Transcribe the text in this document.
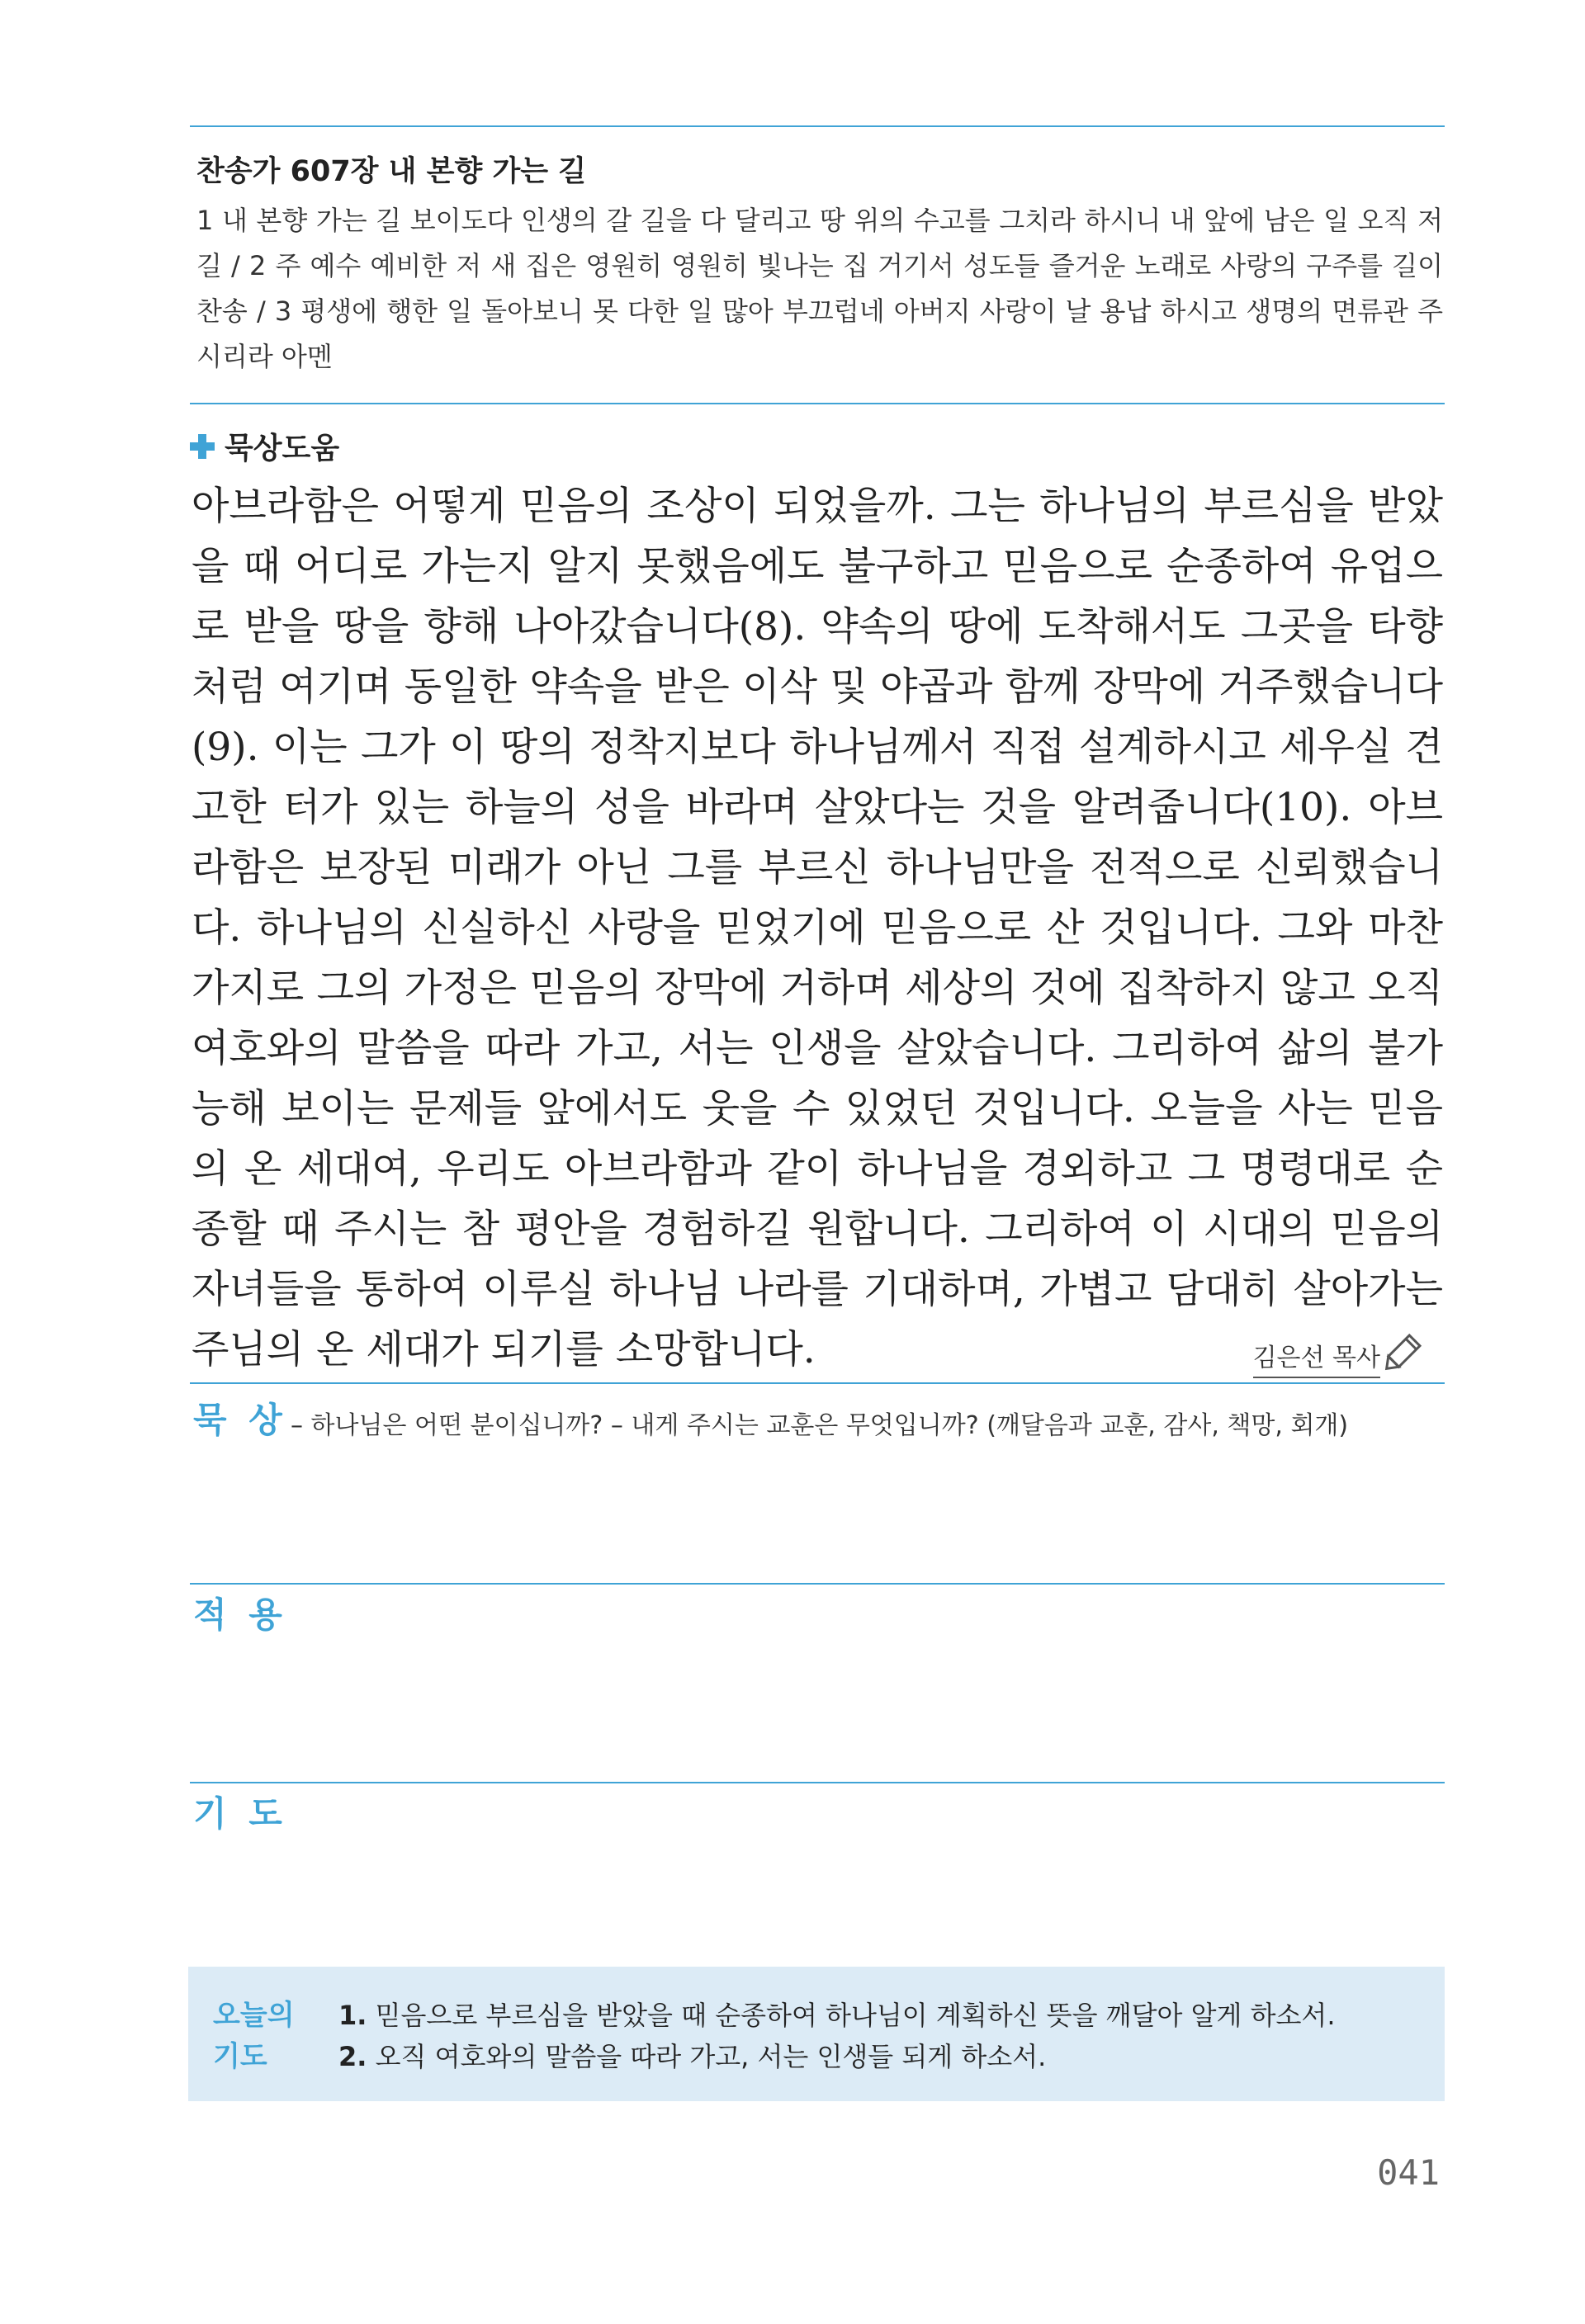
찬송가 607장 내 본향 가는 길

1 내 본향 가는 길 보이도다 인생의 갈 길을 다 달리고 땅 위의 수고를 그치라 하시니 내 앞에 남은 일 오직 저 길 / 2 주 예수 예비한 저 새 집은 영원히 영원히 빛나는 집 거기서 성도들 즐거운 노래로 사랑의 구주를 길이 찬송 / 3 평생에 행한 일 돌아보니 못 다한 일 많아 부끄럽네 아버지 사랑이 날 용납 하시고 생명의 면류관 주시리라 아멘

묵상도움

아브라함은 어떻게 믿음의 조상이 되었을까. 그는 하나님의 부르심을 받았을 때 어디로 가는지 알지 못했음에도 불구하고 믿음으로 순종하여 유업으로 받을 땅을 향해 나아갔습니다(8). 약속의 땅에 도착해서도 그곳을 타향처럼 여기며 동일한 약속을 받은 이삭 및 야곱과 함께 장막에 거주했습니다(9). 이는 그가 이 땅의 정착지보다 하나님께서 직접 설계하시고 세우실 견고한 터가 있는 하늘의 성을 바라며 살았다는 것을 알려줍니다(10). 아브라함은 보장된 미래가 아닌 그를 부르신 하나님만을 전적으로 신뢰했습니다. 하나님의 신실하신 사랑을 믿었기에 믿음으로 산 것입니다. 그와 마찬가지로 그의 가정은 믿음의 장막에 거하며 세상의 것에 집착하지 않고 오직 여호와의 말씀을 따라 가고, 서는 인생을 살았습니다. 그리하여 삶의 불가능해 보이는 문제들 앞에서도 웃을 수 있었던 것입니다. 오늘을 사는 믿음의 온 세대여, 우리도 아브라함과 같이 하나님을 경외하고 그 명령대로 순종할 때 주시는 참 평안을 경험하길 원합니다. 그리하여 이 시대의 믿음의 자녀들을 통하여 이루실 하나님 나라를 기대하며, 가볍고 담대히 살아가는 주님의 온 세대가 되기를 소망합니다.	김은선 목사
묵 상 – 하나님은 어떤 분이십니까? – 내게 주시는 교훈은 무엇입니까? (깨달음과 교훈, 감사, 책망, 회개)
적 용
기 도
오늘의 기도
1. 믿음으로 부르심을 받았을 때 순종하여 하나님이 계획하신 뜻을 깨달아 알게 하소서.
2. 오직 여호와의 말씀을 따라 가고, 서는 인생들 되게 하소서.
041
